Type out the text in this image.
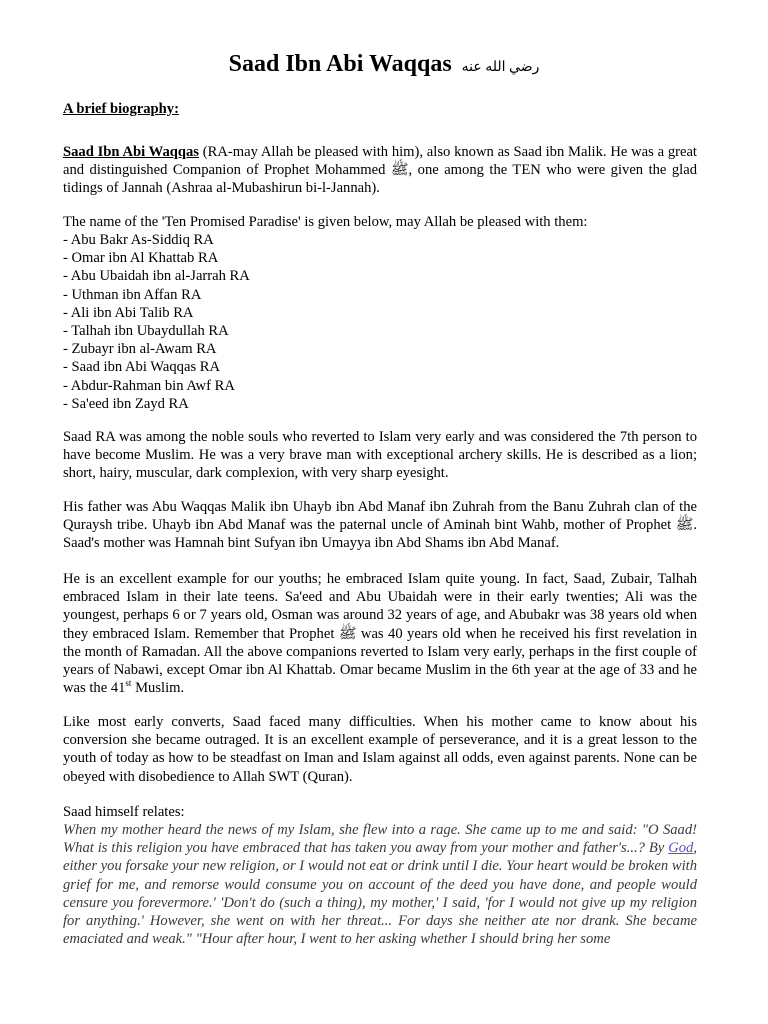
Saad Ibn Abi Waqqas رضي الله عنه

A brief biography:

Saad Ibn Abi Waqqas (RA-may Allah be pleased with him), also known as Saad ibn Malik. He was a great and distinguished Companion of Prophet Mohammed ﷺ, one among the TEN who were given the glad tidings of Jannah (Ashraa al-Mubashirun bi-l-Jannah).

The name of the 'Ten Promised Paradise' is given below, may Allah be pleased with them:

- Abu Bakr As-Siddiq RA
- Omar ibn Al Khattab RA
- Abu Ubaidah ibn al-Jarrah RA
- Uthman ibn Affan RA
- Ali ibn Abi Talib RA
- Talhah ibn Ubaydullah RA
- Zubayr ibn al-Awam RA
- Saad ibn Abi Waqqas RA
- Abdur-Rahman bin Awf RA
- Sa'eed ibn Zayd RA

Saad RA was among the noble souls who reverted to Islam very early and was considered the 7th person to have become Muslim. He was a very brave man with exceptional archery skills. He is described as a lion; short, hairy, muscular, dark complexion, with very sharp eyesight.

His father was Abu Waqqas Malik ibn Uhayb ibn Abd Manaf ibn Zuhrah from the Banu Zuhrah clan of the Quraysh tribe. Uhayb ibn Abd Manaf was the paternal uncle of Aminah bint Wahb, mother of Prophet ﷺ. Saad's mother was Hamnah bint Sufyan ibn Umayya ibn Abd Shams ibn Abd Manaf.

He is an excellent example for our youths; he embraced Islam quite young. In fact, Saad, Zubair, Talhah embraced Islam in their late teens. Sa'eed and Abu Ubaidah were in their early twenties; Ali was the youngest, perhaps 6 or 7 years old, Osman was around 32 years of age, and Abubakr was 38 years old when they embraced Islam. Remember that Prophet ﷺ was 40 years old when he received his first revelation in the month of Ramadan. All the above companions reverted to Islam very early, perhaps in the first couple of years of Nabawi, except Omar ibn Al Khattab. Omar became Muslim in the 6th year at the age of 33 and he was the 41st Muslim.

Like most early converts, Saad faced many difficulties. When his mother came to know about his conversion she became outraged. It is an excellent example of perseverance, and it is a great lesson to the youth of today as how to be steadfast on Iman and Islam against all odds, even against parents. None can be obeyed with disobedience to Allah SWT (Quran).

Saad himself relates:

When my mother heard the news of my Islam, she flew into a rage. She came up to me and said: "O Saad! What is this religion you have embraced that has taken you away from your mother and father's...? By God, either you forsake your new religion, or I would not eat or drink until I die. Your heart would be broken with grief for me, and remorse would consume you on account of the deed you have done, and people would censure you forevermore.' 'Don't do (such a thing), my mother,' I said, 'for I would not give up my religion for anything.' However, she went on with her threat... For days she neither ate nor drank. She became emaciated and weak." "Hour after hour, I went to her asking whether I should bring her some
